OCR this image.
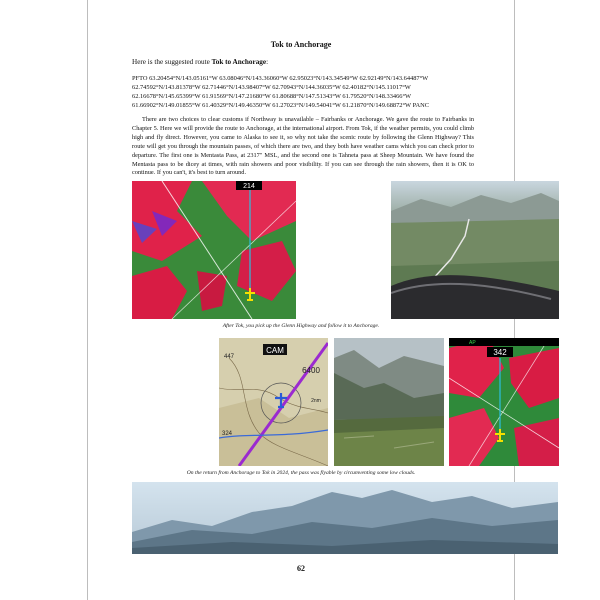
Tok to Anchorage
Here is the suggested route Tok to Anchorage:
PFTO 63.20454°N/143.05161°W 63.08046°N/143.36060°W 62.95023°N/143.34549°W 62.92149°N/143.64487°W 62.74592°N/143.81378°W 62.71446°N/143.98407°W 62.70943°N/144.36035°W 62.40182°N/145.11017°W 62.16678°N/145.65399°W 61.91569°N/147.21680°W 61.80688°N/147.51343°W 61.79520°N/148.33466°W 61.66902°N/149.01855°W 61.40329°N/149.46350°W 61.27023°N/149.54041°W 61.21870°N/149.68872°W PANC
There are two choices to clear customs if Northway is unavailable – Fairbanks or Anchorage. We gave the route to Fairbanks in Chapter 5. Here we will provide the route to Anchorage, at the international airport. From Tok, if the weather permits, you could climb high and fly direct. However, you came to Alaska to see it, so why not take the scenic route by following the Glenn Highway? This route will get you through the mountain passes, of which there are two, and they both have weather cams which you can check prior to departure. The first one is Mentasta Pass, at 2317" MSL, and the second one is Tahneta pass at Sheep Mountain. We have found the Mentasta pass to be dicey at times, with rain showers and poor visibility. If you can see through the rain showers, then it is OK to continue. If you can't, it's best to turn around.
214
After Tok, you pick up the Glenn Highway and follow it to Anchorage.
CAM
6400
2nm
447
324
AP
342
On the return from Anchorage to Tok in 2024, the pass was flyable by circumventing some low clouds.
62
